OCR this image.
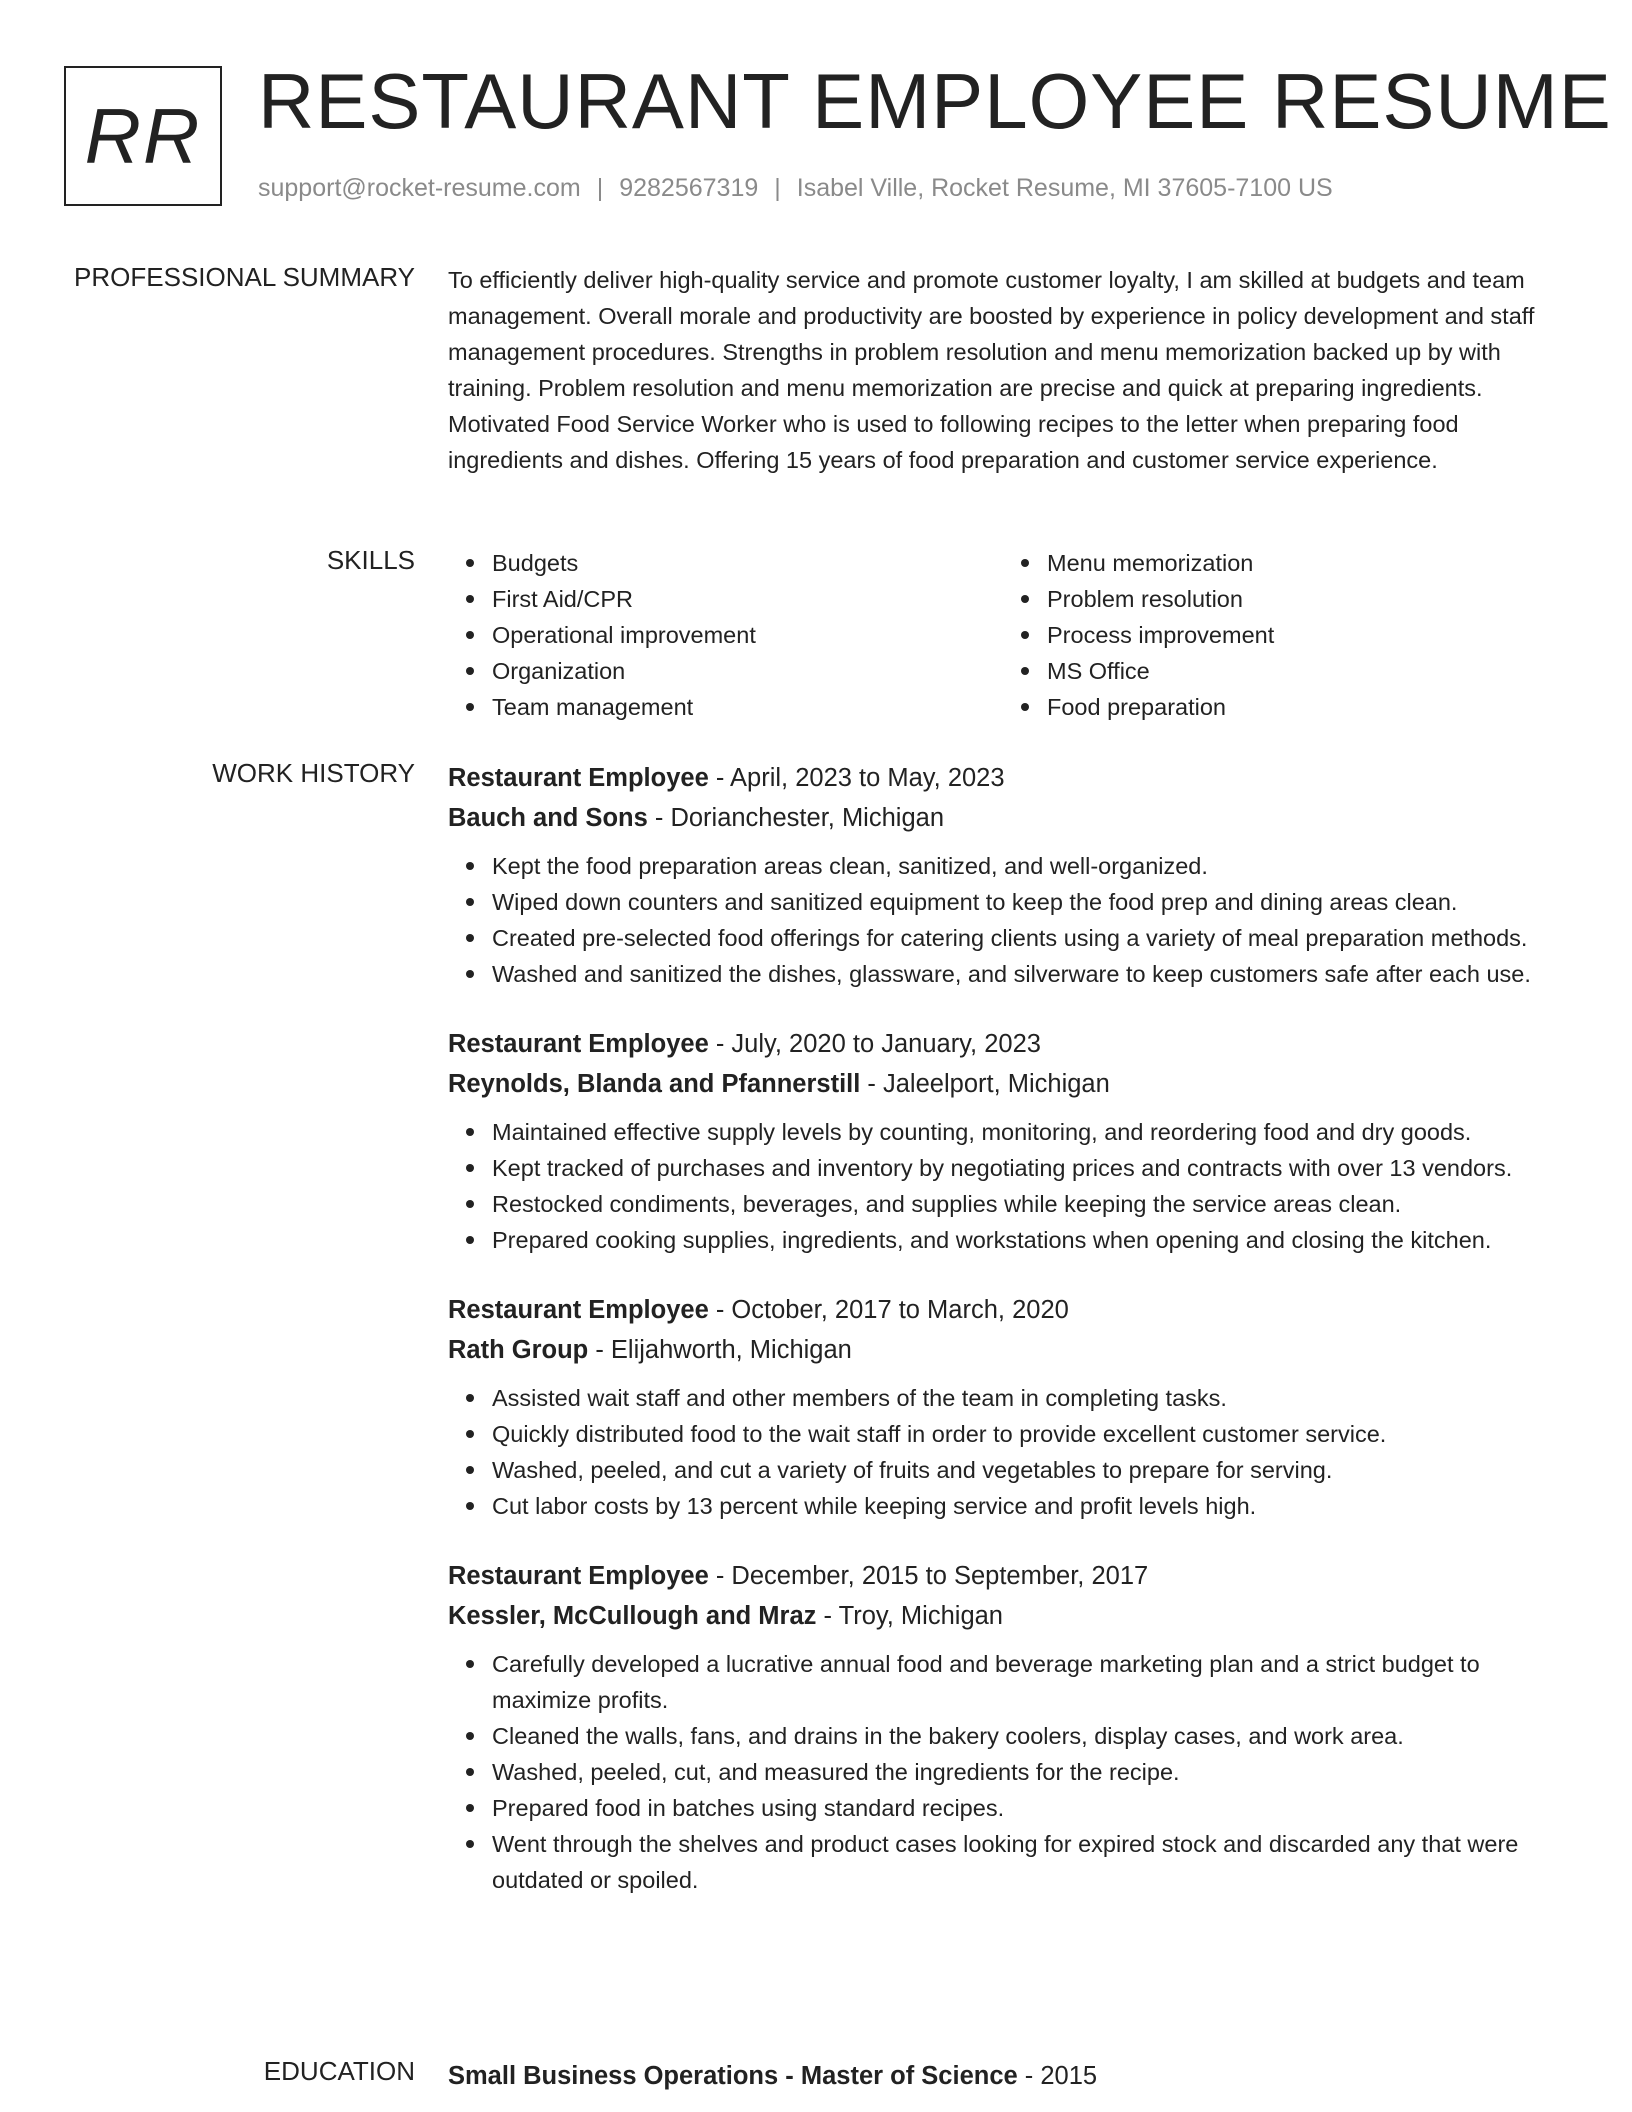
RR RESTAURANT EMPLOYEE RESUME
support@rocket-resume.com | 9282567319 | Isabel Ville, Rocket Resume, MI 37605-7100 US
PROFESSIONAL SUMMARY To efficiently deliver high-quality service and promote customer loyalty, I am skilled at budgets and team management. Overall morale and productivity are boosted by experience in policy development and staff management procedures. Strengths in problem resolution and menu memorization backed up by with training. Problem resolution and menu memorization are precise and quick at preparing ingredients. Motivated Food Service Worker who is used to following recipes to the letter when preparing food ingredients and dishes. Offering 15 years of food preparation and customer service experience.

SKILLS	Budgets
First Aid/CPR
Operational improvement
Organization
Team management
Menu memorization
Problem resolution
Process improvement
MS Office
Food preparation
WORK HISTORY Restaurant Employee - April, 2023 to May, 2023
Bauch and Sons - Dorianchester, Michigan
Kept the food preparation areas clean, sanitized, and well-organized.
Wiped down counters and sanitized equipment to keep the food prep and dining areas clean.
Created pre-selected food offerings for catering clients using a variety of meal preparation methods.
Washed and sanitized the dishes, glassware, and silverware to keep customers safe after each use.
Restaurant Employee - July, 2020 to January, 2023
Reynolds, Blanda and Pfannerstill - Jaleelport, Michigan
Maintained effective supply levels by counting, monitoring, and reordering food and dry goods.
Kept tracked of purchases and inventory by negotiating prices and contracts with over 13 vendors.
Restocked condiments, beverages, and supplies while keeping the service areas clean.
Prepared cooking supplies, ingredients, and workstations when opening and closing the kitchen.
Restaurant Employee - October, 2017 to March, 2020
Rath Group - Elijahworth, Michigan
Assisted wait staff and other members of the team in completing tasks.
Quickly distributed food to the wait staff in order to provide excellent customer service.
Washed, peeled, and cut a variety of fruits and vegetables to prepare for serving.
Cut labor costs by 13 percent while keeping service and profit levels high.
Restaurant Employee - December, 2015 to September, 2017
Kessler, McCullough and Mraz - Troy, Michigan
Carefully developed a lucrative annual food and beverage marketing plan and a strict budget to maximize profits.
Cleaned the walls, fans, and drains in the bakery coolers, display cases, and work area.
Washed, peeled, cut, and measured the ingredients for the recipe.
Prepared food in batches using standard recipes.
Went through the shelves and product cases looking for expired stock and discarded any that were outdated or spoiled.
EDUCATION Small Business Operations - Master of Science - 2015
